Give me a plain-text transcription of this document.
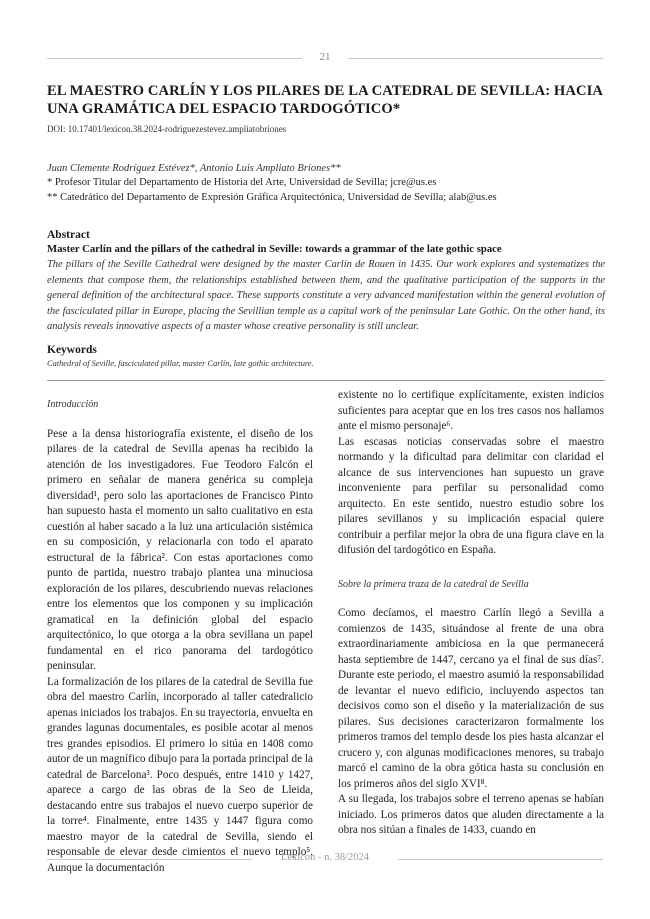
21
EL MAESTRO CARLÍN Y LOS PILARES DE LA CATEDRAL DE SEVILLA: HACIA UNA GRAMÁTICA DEL ESPACIO TARDOGÓTICO*

DOI: 10.17401/lexicon.38.2024-rodriguezestevez.ampliatobriones

Juan Clemente Rodríguez Estévez*, Antonio Luis Ampliato Briones**

* Profesor Titular del Departamento de Historia del Arte, Universidad de Sevilla; jcre@us.es

** Catedrático del Departamento de Expresión Gráfica Arquitectónica, Universidad de Sevilla; alab@us.es

Abstract

Master Carlín and the pillars of the cathedral in Seville: towards a grammar of the late gothic space

The pillars of the Seville Cathedral were designed by the master Carlín de Rouen in 1435. Our work explores and systematizes the elements that compose them, the relationships established between them, and the qualitative participation of the supports in the general definition of the architectural space. These supports constitute a very advanced manifestation within the general evolution of the fasciculated pillar in Europe, placing the Sevillian temple as a capital work of the peninsular Late Gothic. On the other hand, its analysis reveals innovative aspects of a master whose creative personality is still unclear.

Keywords

Cathedral of Seville, fasciculated pillar, master Carlín, late gothic architecture.

Introducción

Pese a la densa historiografía existente, el diseño de los pilares de la catedral de Sevilla apenas ha recibido la atención de los investigadores. Fue Teodoro Falcón el primero en señalar de manera genérica su compleja diversidad¹, pero solo las aportaciones de Francisco Pinto han supuesto hasta el momento un salto cualitativo en esta cuestión al haber sacado a la luz una articulación sistémica en su composición, y relacionarla con todo el aparato estructural de la fábrica². Con estas aportaciones como punto de partida, nuestro trabajo plantea una minuciosa exploración de los pilares, descubriendo nuevas relaciones entre los elementos que los componen y su implicación gramatical en la definición global del espacio arquitectónico, lo que otorga a la obra sevillana un papel fundamental en el rico panorama del tardogótico peninsular.

La formalización de los pilares de la catedral de Sevilla fue obra del maestro Carlín, incorporado al taller catedralicio apenas iniciados los trabajos. En su trayectoria, envuelta en grandes lagunas documentales, es posible acotar al menos tres grandes episodios. El primero lo sitúa en 1408 como autor de un magnífico dibujo para la portada principal de la catedral de Barcelona³. Poco después, entre 1410 y 1427, aparece a cargo de las obras de la Seo de Lleida, destacando entre sus trabajos el nuevo cuerpo superior de la torre⁴. Finalmente, entre 1435 y 1447 figura como maestro mayor de la catedral de Sevilla, siendo el responsable de elevar desde cimientos el nuevo templo⁵. Aunque la documentación

existente no lo certifique explícitamente, existen indicios suficientes para aceptar que en los tres casos nos hallamos ante el mismo personaje⁶.

Las escasas noticias conservadas sobre el maestro normando y la dificultad para delimitar con claridad el alcance de sus intervenciones han supuesto un grave inconveniente para perfilar su personalidad como arquitecto. En este sentido, nuestro estudio sobre los pilares sevillanos y su implicación espacial quiere contribuir a perfilar mejor la obra de una figura clave en la difusión del tardogótico en España.

Sobre la primera traza de la catedral de Sevilla

Como decíamos, el maestro Carlín llegó a Sevilla a comienzos de 1435, situándose al frente de una obra extraordinariamente ambiciosa en la que permanecerá hasta septiembre de 1447, cercano ya el final de sus días⁷. Durante este periodo, el maestro asumió la responsabilidad de levantar el nuevo edificio, incluyendo aspectos tan decisivos como son el diseño y la materialización de sus pilares. Sus decisiones caracterizaron formalmente los primeros tramos del templo desde los pies hasta alcanzar el crucero y, con algunas modificaciones menores, su trabajo marcó el camino de la obra gótica hasta su conclusión en los primeros años del siglo XVI⁸.

A su llegada, los trabajos sobre el terreno apenas se habían iniciado. Los primeros datos que aluden directamente a la obra nos sitúan a finales de 1433, cuando en

Lexicon - n. 38/2024
